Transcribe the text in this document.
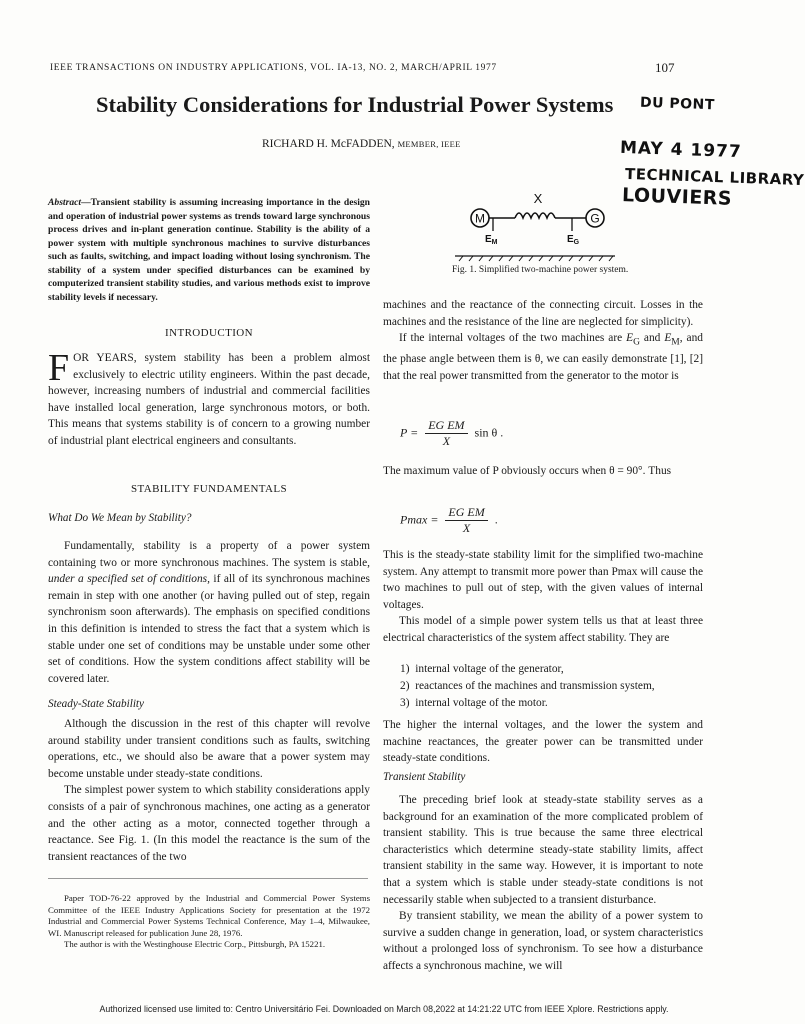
IEEE TRANSACTIONS ON INDUSTRY APPLICATIONS, VOL. IA-13, NO. 2, MARCH/APRIL 1977	107
Stability Considerations for Industrial Power Systems
RICHARD H. McFADDEN, MEMBER, IEEE
DU PONT
MAY 4 1977
TECHNICAL LIBRARY
LOUVIERS
Abstract—Transient stability is assuming increasing importance in the design and operation of industrial power systems as trends toward large synchronous process drives and in-plant generation continue. Stability is the ability of a power system with multiple synchronous machines to survive disturbances such as faults, switching, and impact loading without losing synchronism. The stability of a system under specified disturbances can be examined by computerized transient stability studies, and various methods exist to improve stability levels if necessary.
INTRODUCTION
FOR YEARS, system stability has been a problem almost exclusively to electric utility engineers. Within the past decade, however, increasing numbers of industrial and commercial facilities have installed local generation, large synchronous motors, or both. This means that systems stability is of concern to a growing number of industrial plant electrical engineers and consultants.
STABILITY FUNDAMENTALS
What Do We Mean by Stability?

Fundamentally, stability is a property of a power system containing two or more synchronous machines. The system is stable, under a specified set of conditions, if all of its synchronous machines remain in step with one another (or having pulled out of step, regain synchronism soon afterwards). The emphasis on specified conditions in this definition is intended to stress the fact that a system which is stable under one set of conditions may be unstable under some other set of conditions. How the system conditions affect stability will be covered later.

Steady-State Stability

Although the discussion in the rest of this chapter will revolve around stability under transient conditions such as faults, switching operations, etc., we should also be aware that a power system may become unstable under steady-state conditions.

The simplest power system to which stability considerations apply consists of a pair of synchronous machines, one acting as a generator and the other acting as a motor, connected together through a reactance. See Fig. 1. (In this model the reactance is the sum of the transient reactances of the two

Paper TOD-76-22 approved by the Industrial and Commercial Power Systems Committee of the IEEE Industry Applications Society for presentation at the 1972 Industrial and Commercial Power Systems Technical Conference, May 1–4, Milwaukee, WI. Manuscript released for publication June 28, 1976.

The author is with the Westinghouse Electric Corp., Pittsburgh, PA 15221.

X
M	G
$E_M$	$E_G$
Fig. 1. Simplified two-machine power system.

machines and the reactance of the connecting circuit. Losses in the machines and the resistance of the line are neglected for simplicity).

If the internal voltages of the two machines are $E_G$ and $E_M$, and the phase angle between them is θ, we can easily demonstrate [1], [2] that the real power transmitted from the generator to the motor is

$P = \frac{\text{EG EM}}{X}$ sin θ .
The maximum value of P obviously occurs when θ = 90°. Thus
$Pmax = \frac{\text{EG EM}}{X}$ .

This is the steady-state stability limit for the simplified two-machine system. Any attempt to transmit more power than Pmax will cause the two machines to pull out of step, with the given values of internal voltages.

This model of a simple power system tells us that at least three electrical characteristics of the system affect stability. They are

1) internal voltage of the generator,
2) reactances of the machines and transmission system,
3) internal voltage of the motor.
The higher the internal voltages, and the lower the system and machine reactances, the greater power can be transmitted under steady-state conditions.
Transient Stability

The preceding brief look at steady-state stability serves as a background for an examination of the more complicated problem of transient stability. This is true because the same three electrical characteristics which determine steady-state stability limits, affect transient stability in the same way. However, it is important to note that a system which is stable under steady-state conditions is not necessarily stable when subjected to a transient disturbance.

By transient stability, we mean the ability of a power system to survive a sudden change in generation, load, or system characteristics without a prolonged loss of synchronism. To see how a disturbance affects a synchronous machine, we will

Authorized licensed use limited to: Centro Universitário Fei. Downloaded on March 08,2022 at 14:21:22 UTC from IEEE Xplore. Restrictions apply.
